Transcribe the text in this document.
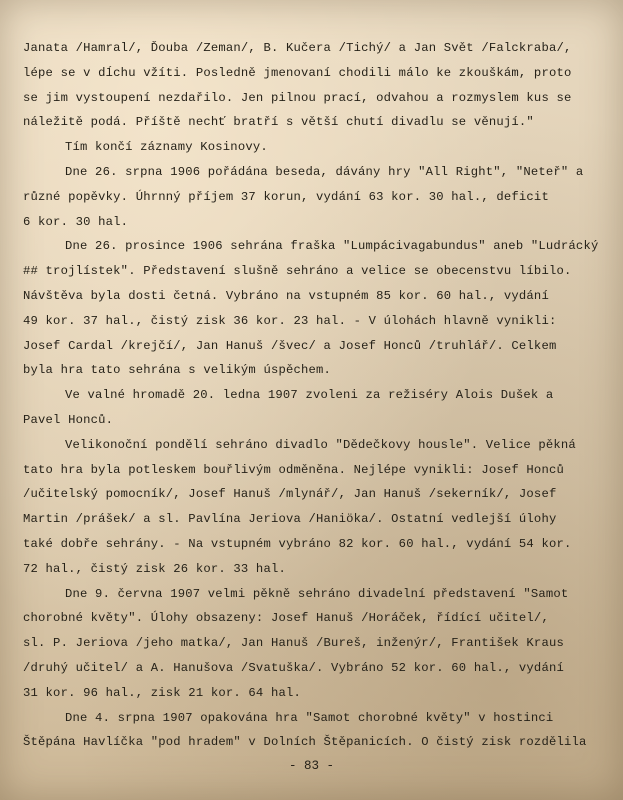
Janata /Hamral/, Ďouba /Zeman/, B. Kučera /Tichý/ a Jan Svět /Falckraba/,
lépe se v dĺchu vžíti. Posledně jmenovaní chodili málo ke zkouškám, proto
se jim vystoupení nezdařilo. Jen pilnou prací, odvahou a rozmyslem kus se
náležitě podá. Příště nechť bratří s větší chutí divadlu se věnují."
Tím končí záznamy Kosinovy.
Dne 26. srpna 1906 pořádána beseda, dávány hry "All Right", "Neteř" a
různé popěvky. Úhrnný příjem 37 korun, vydání 63 kor. 30 hal., deficit
6 kor. 30 hal.
Dne 26. prosince 1906 sehrána fraška "Lumpácivagabundus" aneb "Ludrácký
## trojlístek". Představení slušně sehráno a velice se obecenstvu líbilo.
Návštěva byla dosti četná. Vybráno na vstupném 85 kor. 60 hal., vydání
49 kor. 37 hal., čistý zisk 36 kor. 23 hal. - V úlohách hlavně vynikli:
Josef Cardal /krejčí/, Jan Hanuš /švec/ a Josef Honců /truhlář/. Celkem
byla hra tato sehrána s velikým úspěchem.
Ve valné hromadě 20. ledna 1907 zvoleni za režiséry Alois Dušek a
Pavel Honců.
Velikonoční pondělí sehráno divadlo "Dědečkovy housle". Velice pěkná
tato hra byla potleskem bouřlivým odměněna. Nejlépe vynikli: Josef Honců
/učitelský pomocník/, Josef Hanuš /mlynář/, Jan Hanuš /sekerník/, Josef
Martin /prášek/ a sl. Pavlína Jeriova /Haniöka/. Ostatní vedlejší úlohy
také dobře sehrány. - Na vstupném vybráno 82 kor. 60 hal., vydání 54 kor.
72 hal., čistý zisk 26 kor. 33 hal.
Dne 9. června 1907 velmi pěkně sehráno divadelní představení "Samot
chorobné květy". Úlohy obsazeny: Josef Hanuš /Horáček, řídící učitel/,
sl. P. Jeriova /jeho matka/, Jan Hanuš /Bureš, inženýr/, František Kraus
/druhý učitel/ a A. Hanušova /Svatuška/. Vybráno 52 kor. 60 hal., vydání
31 kor. 96 hal., zisk 21 kor. 64 hal.
Dne 4. srpna 1907 opakována hra "Samot chorobné květy" v hostinci
Štěpána Havlíčka "pod hradem" v Dolních Štěpanicích. O čistý zisk rozdělila
- 83 -
